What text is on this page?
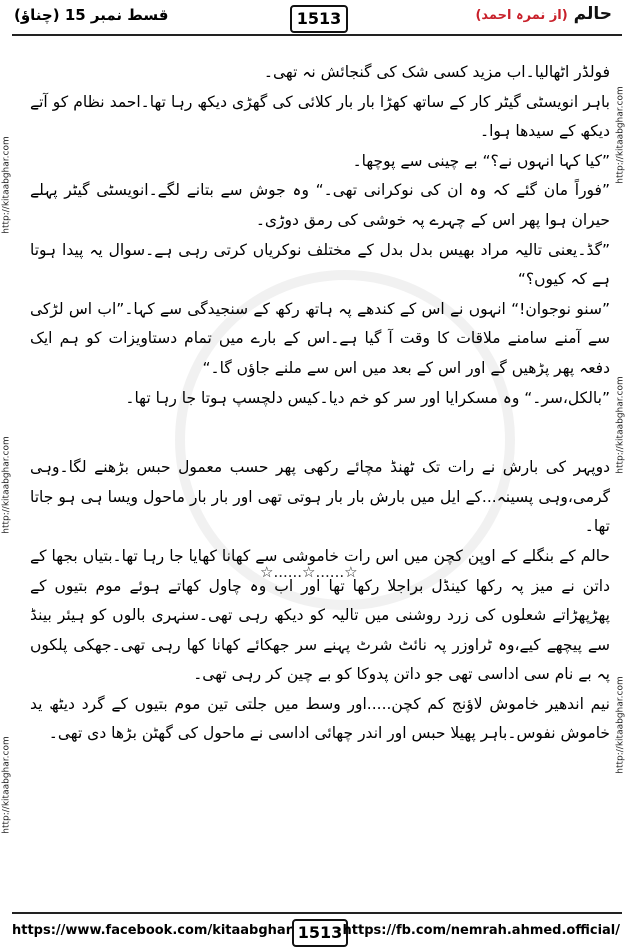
قسط نمبر 15 (چناؤ)	1513	حالم (از نمرہ احمد)
http://kitaabghar.com
http://kitaabghar.com
http://kitaabghar.com
http://kitaabghar.com
http://kitaabghar.com
http://kitaabghar.com

فولڈر اٹھالیا۔اب مزید کسی شک کی گنجائش نہ تھی۔

باہر انویسٹی گیٹر کار کے ساتھ کھڑا بار بار کلائی کی گھڑی دیکھ رہا تھا۔احمد نظام کو آتے دیکھ کے سیدھا ہوا۔

”کیا کہا انہوں نے؟“ بے چینی سے پوچھا۔

”فوراً مان گئے کہ وہ ان کی نوکرانی تھی۔“ وہ جوش سے بتانے لگے۔انویسٹی گیٹر پہلے حیران ہوا پھر اس کے چہرے پہ خوشی کی رمق دوڑی۔

”گڈ۔یعنی تالیہ مراد بھیس بدل بدل کے مختلف نوکریاں کرتی رہی ہے۔سوال یہ پیدا ہوتا ہے کہ کیوں؟“

”سنو نوجوان!“ انہوں نے اس کے کندھے پہ ہاتھ رکھ کے سنجیدگی سے کہا۔”اب اس لڑکی سے آمنے سامنے ملاقات کا وقت آ گیا ہے۔اس کے بارے میں تمام دستاویزات کو ہم ایک دفعہ پھر پڑھیں گے اور اس کے بعد میں اس سے ملنے جاؤں گا۔“

”بالکل،سر۔“ وہ مسکرایا اور سر کو خم دیا۔کیس دلچسپ ہوتا جا رہا تھا۔

دوپہر کی بارش نے رات تک ٹھنڈ مچائے رکھی پھر حسب معمول حبس بڑھنے لگا۔وہی گرمی،وہی پسینہ...کے ایل میں بارش بار بار ہوتی تھی اور بار بار ماحول ویسا ہی ہو جاتا تھا۔

حالم کے بنگلے کے اوپن کچن میں اس رات خاموشی سے کھانا کھایا جا رہا تھا۔بتیاں بجھا کے داتن نے میز پہ رکھا کینڈل براجلا رکھا تھا اور اب وہ چاول کھاتے ہوئے موم بتیوں کے پھڑپھڑاتے شعلوں کی زرد روشنی میں تالیہ کو دیکھ رہی تھی۔سنہری بالوں کو ہیئر بینڈ سے پیچھے کیے،وہ ٹراوزر پہ نائٹ شرٹ پہنے سر جھکائے کھانا کھا رہی تھی۔جھکی پلکوں پہ بے نام سی اداسی تھی جو داتن پدوکا کو بے چین کر رہی تھی۔

نیم اندھیر خاموش لاؤنج کم کچن.....اور وسط میں جلتی تین موم بتیوں کے گرد دیٹھ ید خاموش نفوس۔باہر پھیلا حبس اور اندر چھائی اداسی نے ماحول کی گھٹن بڑھا دی تھی۔

☆......☆......☆
https://www.facebook.com/kitaabghar 1513 https://fb.com/nemrah.ahmed.official/
